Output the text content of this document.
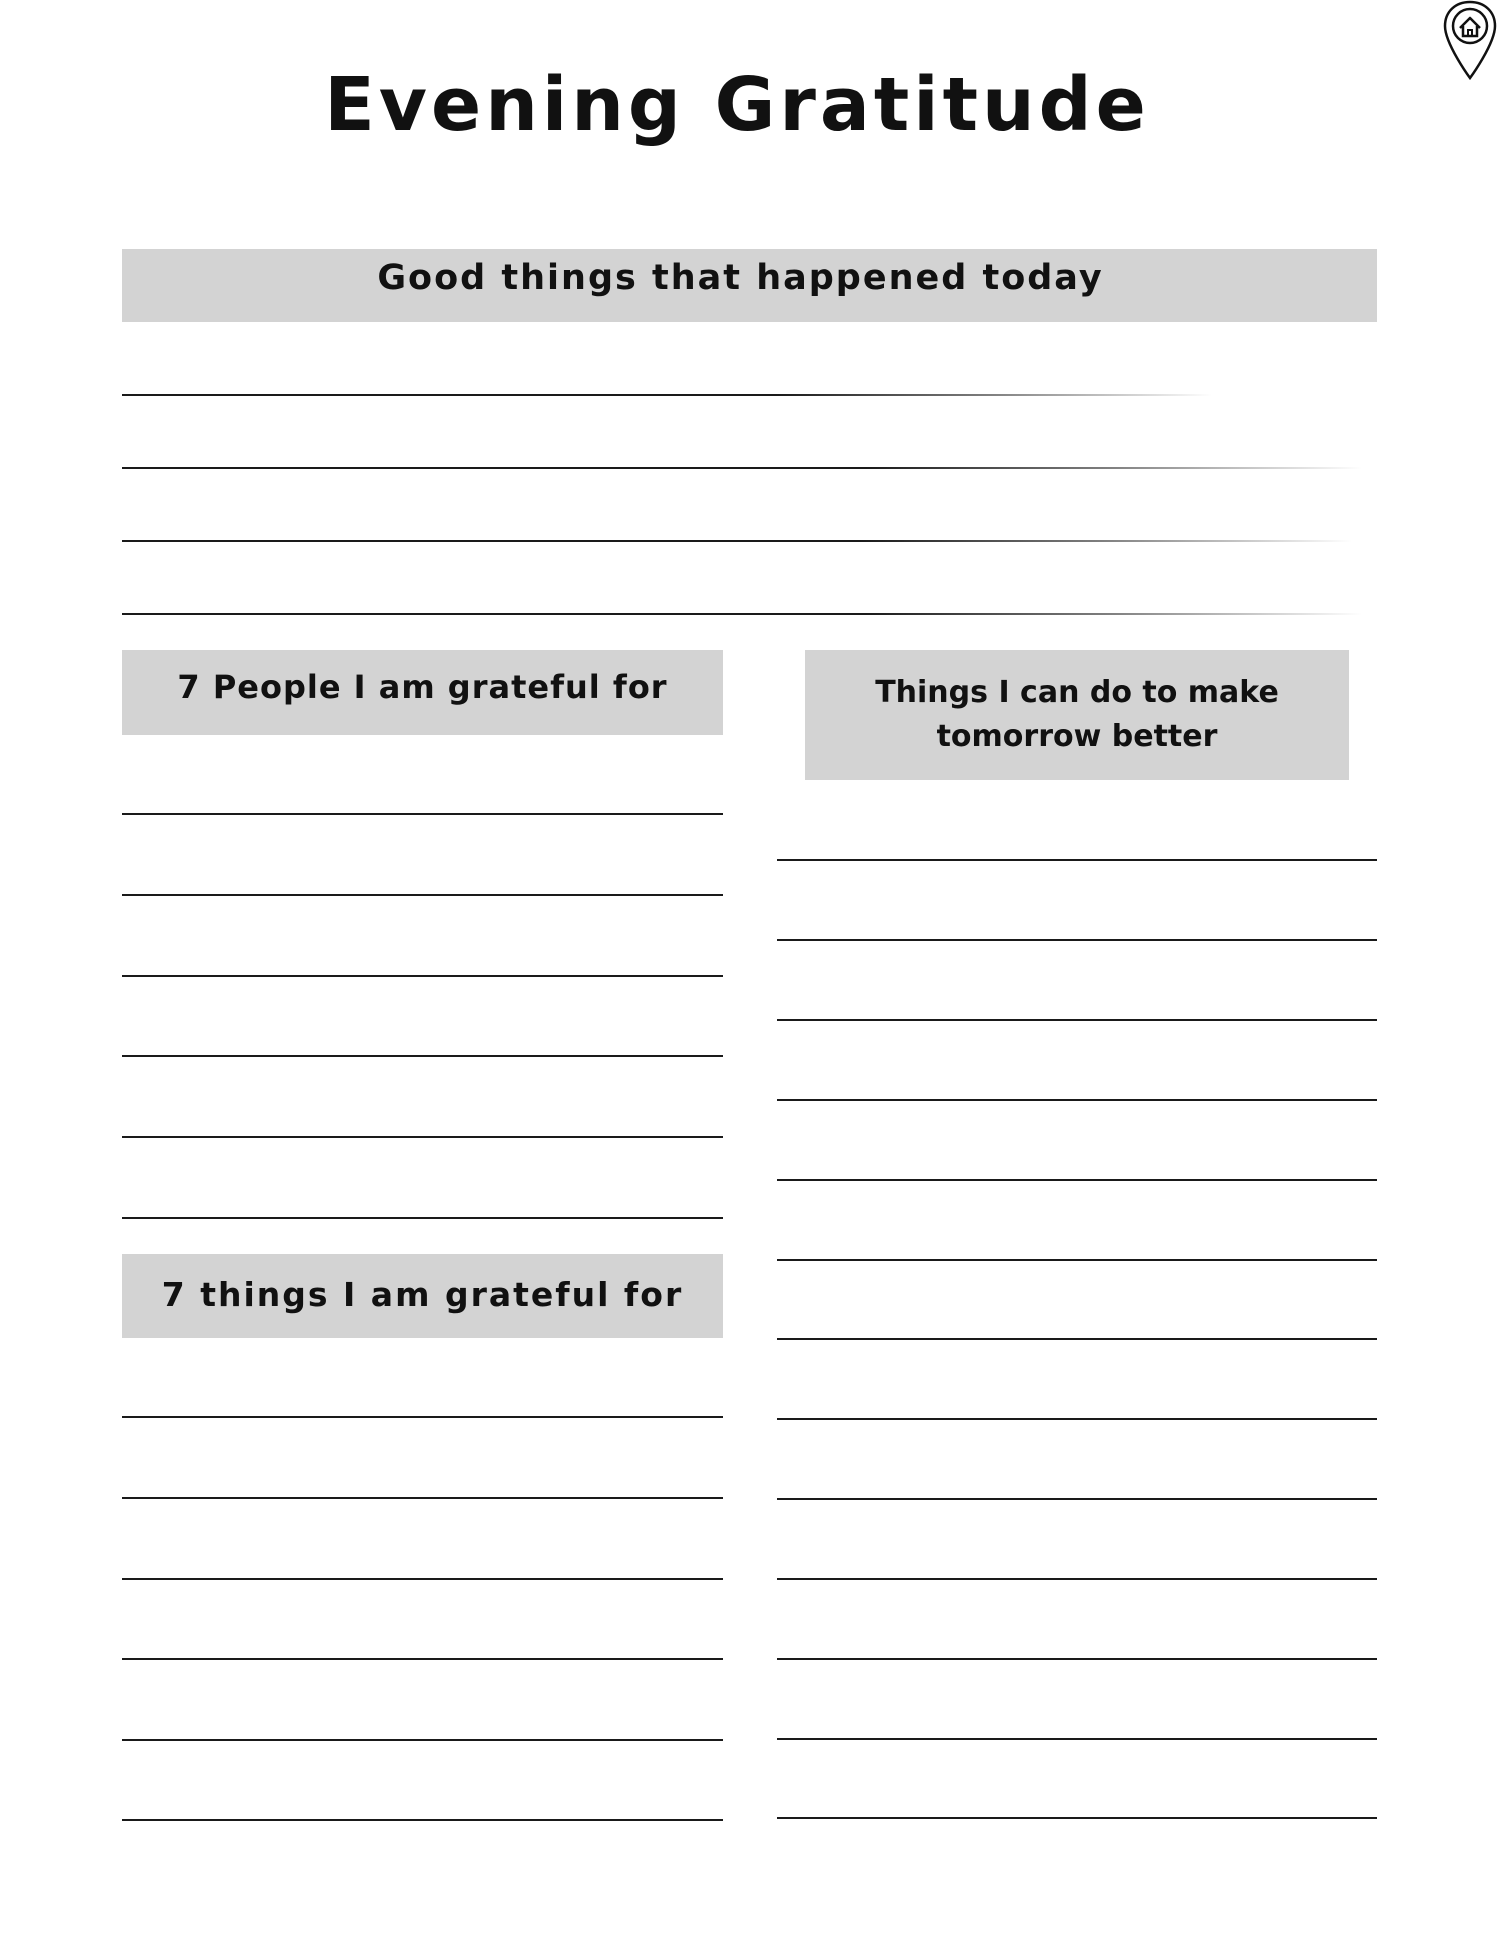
Evening Gratitude
Good things that happened today
7 People I am grateful for	Things I can do to make tomorrow better
7 things I am grateful for
